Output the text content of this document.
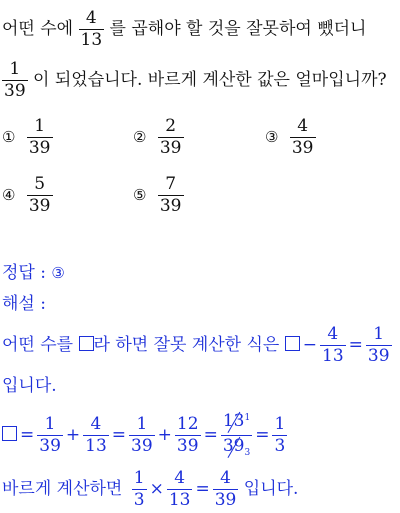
어떤 수에 $\frac{4}{13}$ 를 곱해야 할 것을 잘못하여 뺐더니
$\frac{1}{39}$ 이 되었습니다. 바르게 계산한 값은 얼마입니까?
① $\frac{1}{39}$	② $\frac{2}{39}$	③ $\frac{4}{39}$
④ $\frac{5}{39}$	⑤ $\frac{7}{39}$
정답 : ③
해설 :
어떤 수를 라 하면 잘못 계산한 식은 − $\frac{4}{13} = \frac{1}{39}$
입니다.
= $\frac{1}{39} + \frac{4}{13} = \frac{1}{39} + \frac{12}{39} = \frac{13^1}{39_3} = \frac{1}{3}$
바르게 계산하면 $\frac{1}{3} \times \frac{4}{13} = \frac{4}{39}$ 입니다.
